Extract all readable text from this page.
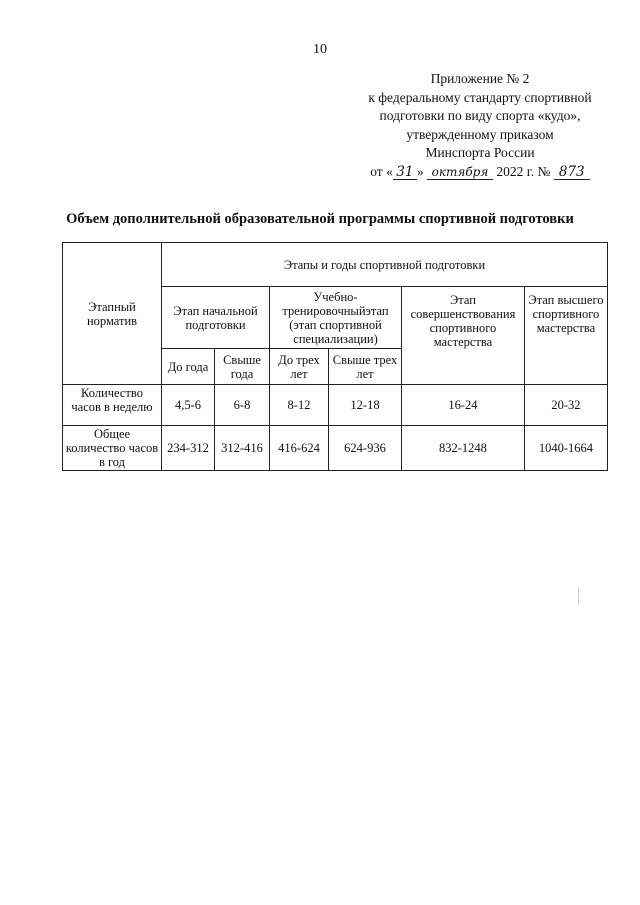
10
Приложение № 2
к федеральному стандарту спортивной
подготовки по виду спорта «кудо»,
утвержденному приказом
Минспорта России
от « 31 » октября 2022 г. № 873
Объем дополнительной образовательной программы спортивной подготовки
Этапный норматив	Этапы и годы спортивной подготовки					
	Этап начальной подготовки		Учебно-тренировочныйэтап (этап спортивной специализации)		Этап совершенствования спортивного мастерства	Этап высшего спортивного мастерства
	До года	Свыше года	До трех лет	Свыше трех лет		
Количество часов в неделю	4,5-6	6-8	8-12	12-18	16-24	20-32
Общее количество часов в год	234-312	312-416	416-624	624-936	832-1248	1040-1664
